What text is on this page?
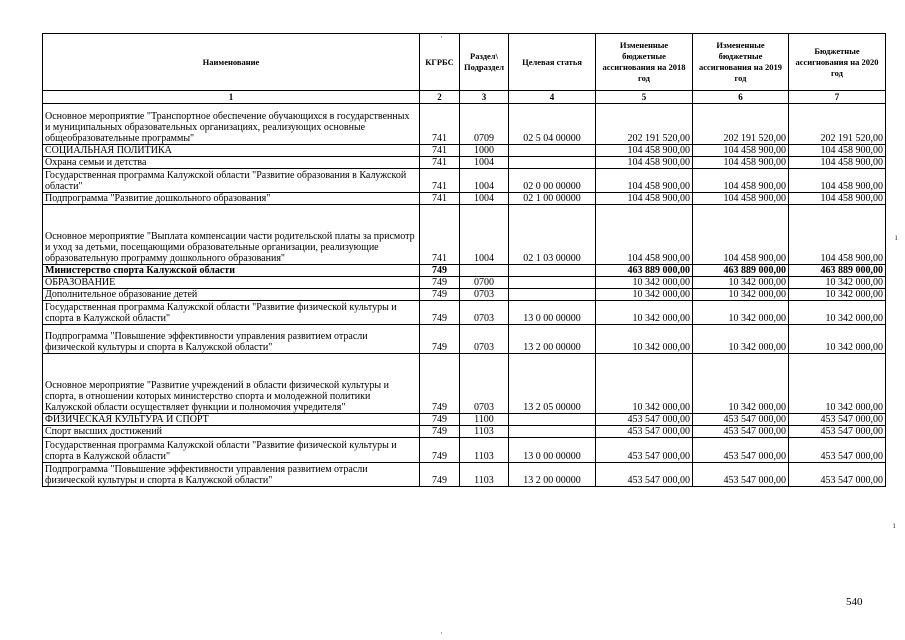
Наименование	КГРБС	Раздел\ Подраздел	Целевая статья	Измененные бюджетные ассигнования на 2018 год	Измененные бюджетные ассигнования на 2019 год	Бюджетные ассигнования на 2020 год
1	2	3	4	5	6	7
Основное мероприятие "Транспортное обеспечение обучающихся в государственных и муниципальных образовательных организациях, реализующих основные общеобразовательные программы"	741	0709	02 5 04 00000	202 191 520,00	202 191 520,00	202 191 520,00
СОЦИАЛЬНАЯ ПОЛИТИКА	741	1000		104 458 900,00	104 458 900,00	104 458 900,00
Охрана семьи и детства	741	1004		104 458 900,00	104 458 900,00	104 458 900,00
Государственная программа Калужской области "Развитие образования в Калужской области"	741	1004	02 0 00 00000	104 458 900,00	104 458 900,00	104 458 900,00
Подпрограмма "Развитие дошкольного образования"	741	1004	02 1 00 00000	104 458 900,00	104 458 900,00	104 458 900,00
Основное мероприятие "Выплата компенсации части родительской платы за присмотр и уход за детьми, посещающими образовательные организации, реализующие образовательную программу дошкольного образования"	741	1004	02 1 03 00000	104 458 900,00	104 458 900,00	104 458 900,00
Министерство спорта Калужской области	749			463 889 000,00	463 889 000,00	463 889 000,00
ОБРАЗОВАНИЕ	749	0700		10 342 000,00	10 342 000,00	10 342 000,00
Дополнительное образование детей	749	0703		10 342 000,00	10 342 000,00	10 342 000,00
Государственная программа Калужской области "Развитие физической культуры и спорта в Калужской области"	749	0703	13 0 00 00000	10 342 000,00	10 342 000,00	10 342 000,00
Подпрограмма "Повышение эффективности управления развитием отрасли физической культуры и спорта в Калужской области"	749	0703	13 2 00 00000	10 342 000,00	10 342 000,00	10 342 000,00
Основное мероприятие "Развитие учреждений в области физической культуры и спорта, в отношении которых министерство спорта и молодежной политики Калужской области осуществляет функции и полномочия учредителя"	749	0703	13 2 05 00000	10 342 000,00	10 342 000,00	10 342 000,00
ФИЗИЧЕСКАЯ КУЛЬТУРА И СПОРТ	749	1100		453 547 000,00	453 547 000,00	453 547 000,00
Спорт высших достижений	749	1103		453 547 000,00	453 547 000,00	453 547 000,00
Государственная программа Калужской области "Развитие физической культуры и спорта в Калужской области"	749	1103	13 0 00 00000	453 547 000,00	453 547 000,00	453 547 000,00
Подпрограмма "Повышение эффективности управления развитием отрасли физической культуры и спорта в Калужской области"	749	1103	13 2 00 00000	453 547 000,00	453 547 000,00	453 547 000,00
·
ı
ı
·
540
